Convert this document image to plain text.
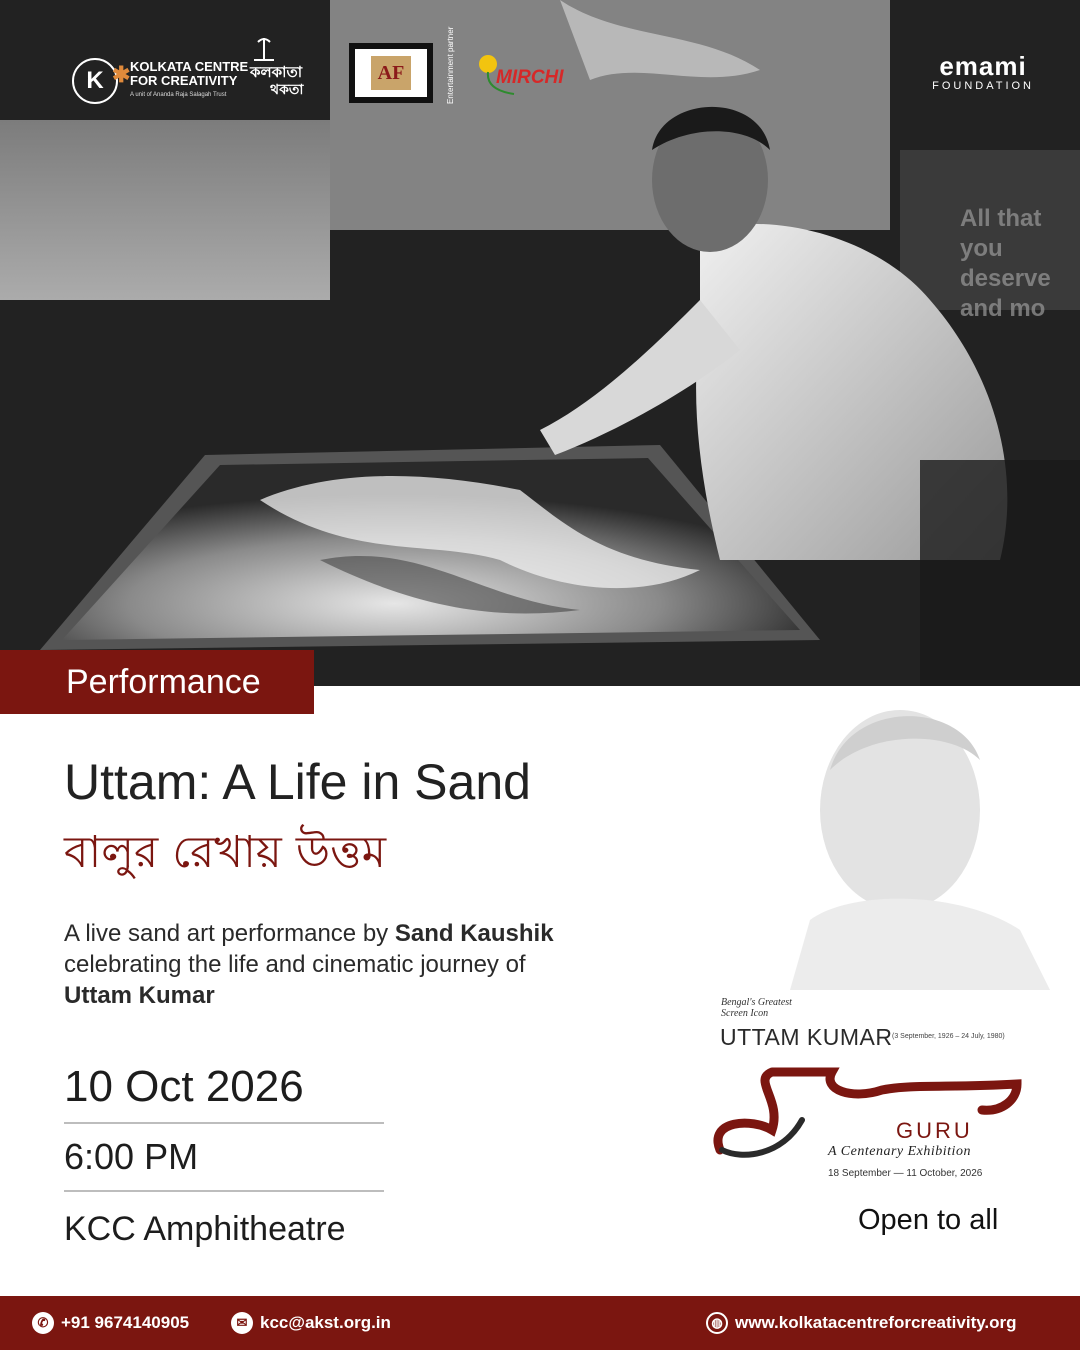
K ✱ KOLKATA CENTRE
FOR CREATIVITY
A unit of Ananda Raja Salagah Trust
কলকাতা
থকতা
AF	Entertainment partner MIRCHI	emami
FOUNDATION
All that you deserve and mo
Performance
Uttam: A Life in Sand
বালুর রেখায় উত্তম
A live sand art performance by Sand Kaushik celebrating the life and cinematic journey of Uttam Kumar
10 Oct 2026
6:00 PM
KCC Amphitheatre
Bengal's Greatest
Screen Icon
UTTAM KUMAR (3 September, 1926 – 24 July, 1980)
GURU
A Centenary Exhibition
18 September — 11 October, 2026
Open to all
✆ +91 9674140905	✉ kcc@akst.org.in	◍ www.kolkatacentreforcreativity.org
